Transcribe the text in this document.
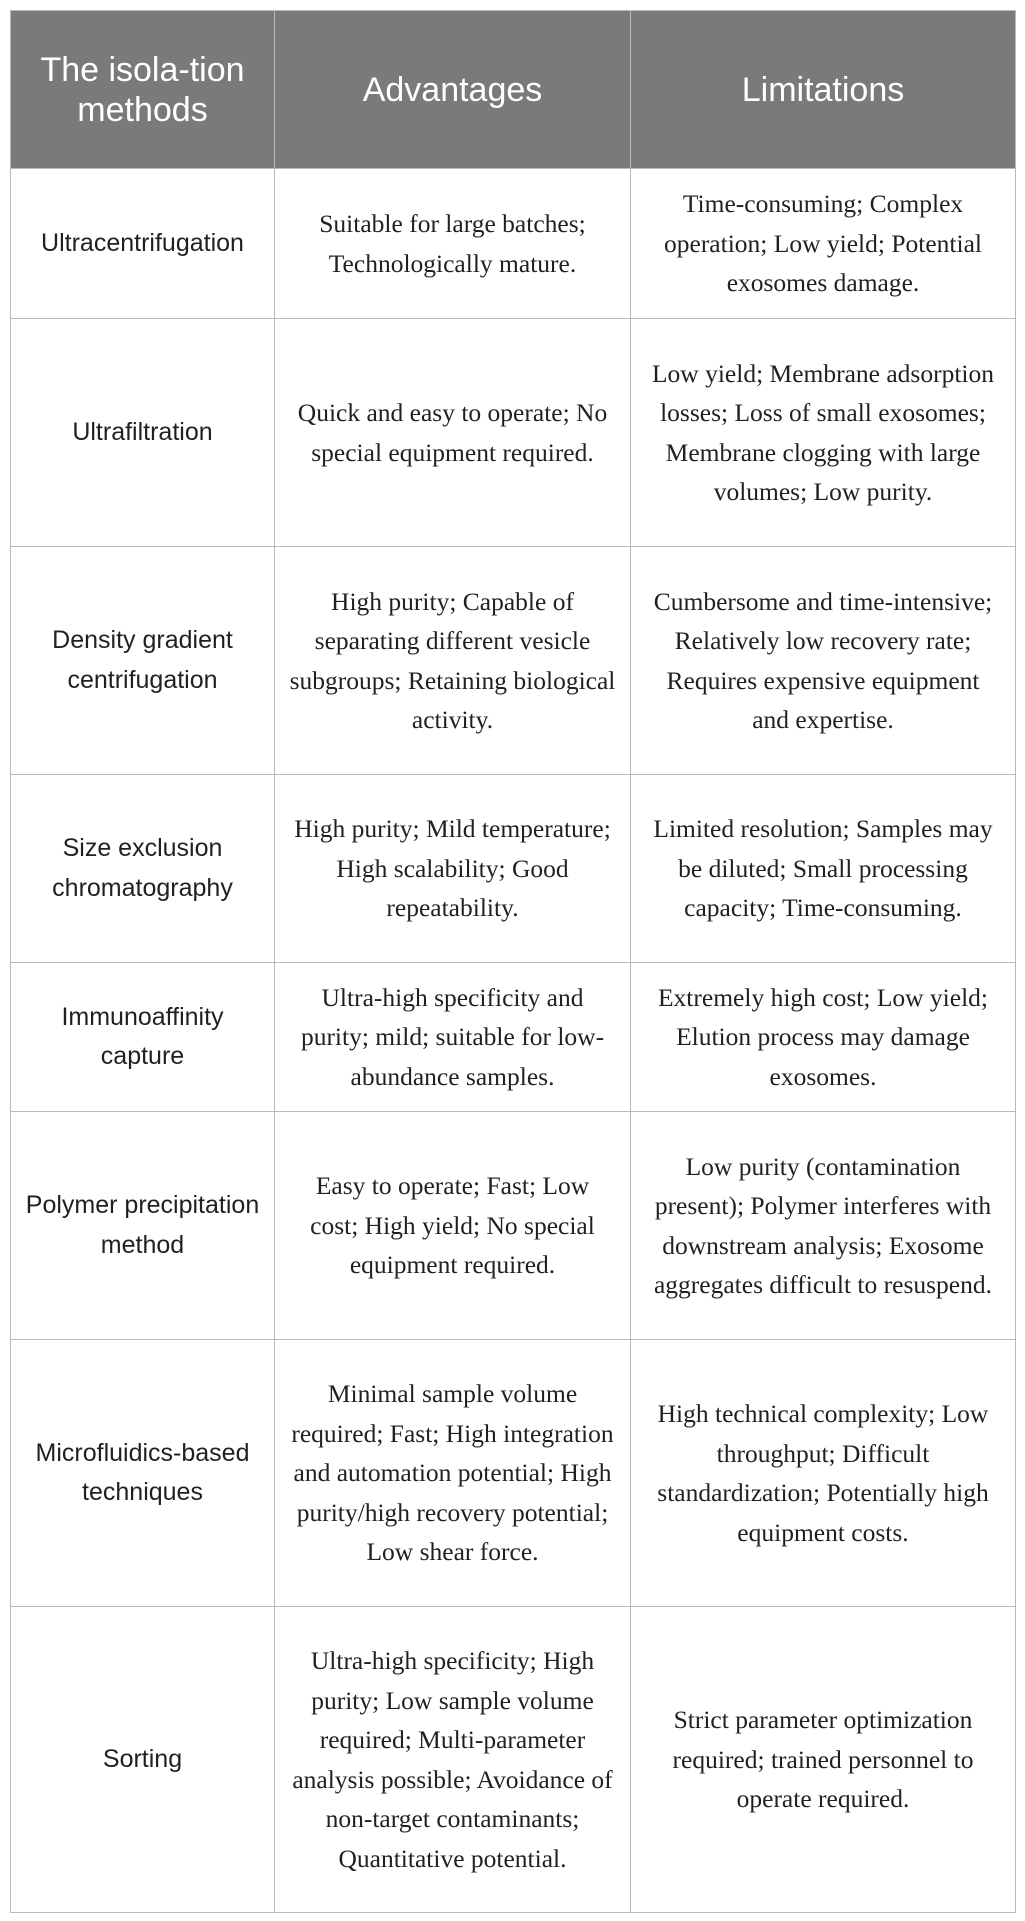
The isola-tion methods	Advantages	Limitations
Ultracentrifugation	Suitable for large batches; Technologically mature.	Time-consuming; Complex operation; Low yield; Potential exosomes damage.
Ultrafiltration	Quick and easy to operate; No special equipment required.	Low yield; Membrane adsorption losses; Loss of small exosomes; Membrane clogging with large volumes; Low purity.
Density gradient centrifugation	High purity; Capable of separating different vesicle subgroups; Retaining biological activity.	Cumbersome and time-intensive; Relatively low recovery rate; Requires expensive equipment and expertise.
Size exclusion chromatography	High purity; Mild temperature; High scalability; Good repeatability.	Limited resolution; Samples may be diluted; Small processing capacity; Time-consuming.
Immunoaffinity capture	Ultra-high specificity and purity; mild; suitable for low-abundance samples.	Extremely high cost; Low yield; Elution process may damage exosomes.
Polymer precipitation method	Easy to operate; Fast; Low cost; High yield; No special equipment required.	Low purity (contamination present); Polymer interferes with downstream analysis; Exosome aggregates difficult to resuspend.
Microfluidics-based techniques	Minimal sample volume required; Fast; High integration and automation potential; High purity/high recovery potential; Low shear force.	High technical complexity; Low throughput; Difficult standardization; Potentially high equipment costs.
Sorting	Ultra-high specificity; High purity; Low sample volume required; Multi-parameter analysis possible; Avoidance of non-target contaminants; Quantitative potential.	Strict parameter optimization required; trained personnel to operate required.
